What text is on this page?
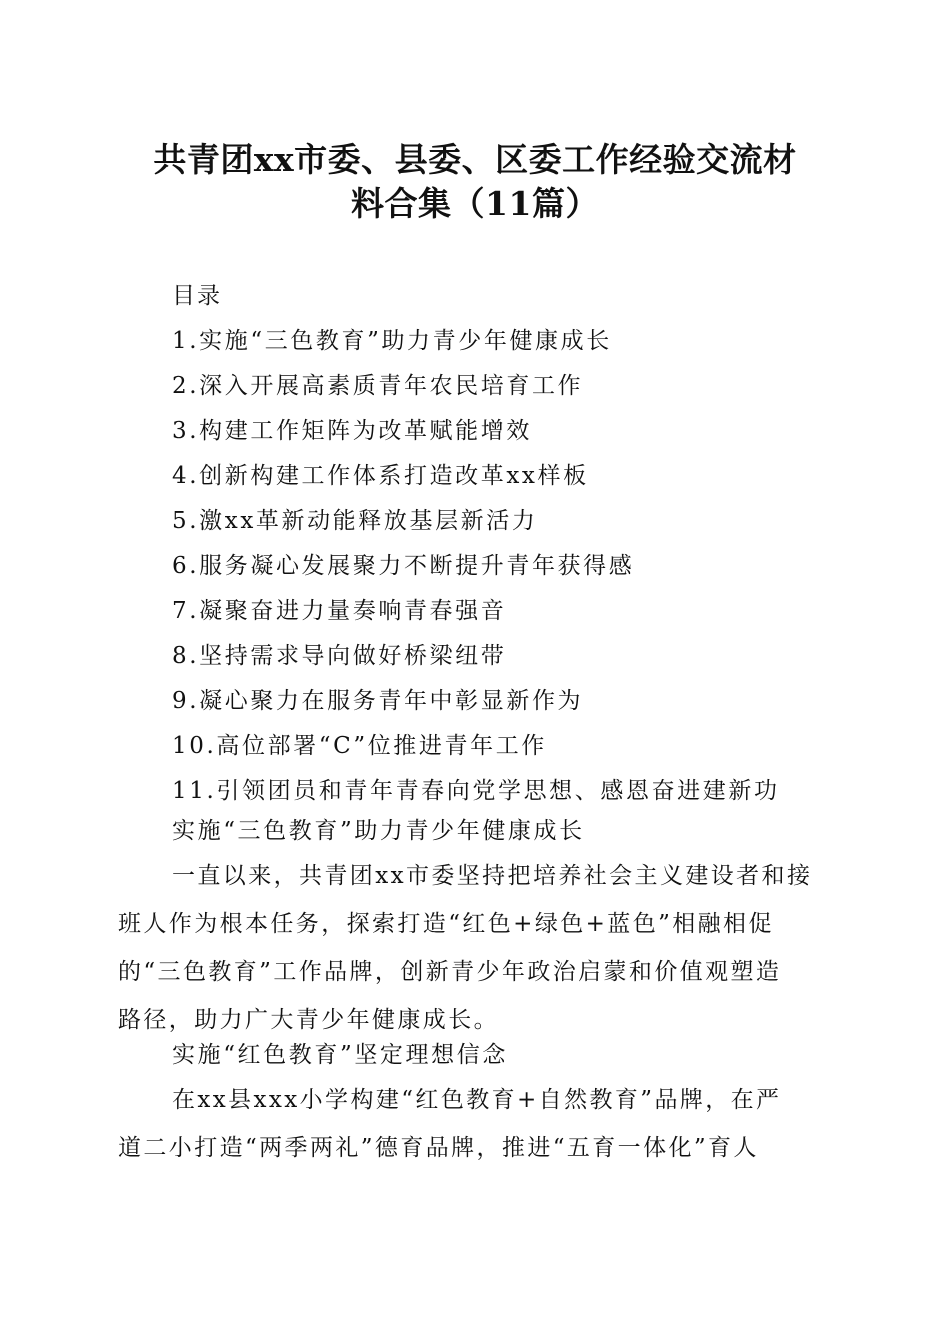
共青团xx市委、县委、区委工作经验交流材
料合集（11篇）
目录
1.实施“三色教育”助力青少年健康成长
2.深入开展高素质青年农民培育工作
3.构建工作矩阵为改革赋能增效
4.创新构建工作体系打造改革xx样板
5.激xx革新动能释放基层新活力
6.服务凝心发展聚力不断提升青年获得感
7.凝聚奋进力量奏响青春强音
8.坚持需求导向做好桥梁纽带
9.凝心聚力在服务青年中彰显新作为
10.高位部署“C”位推进青年工作
11.引领团员和青年青春向党学思想、感恩奋进建新功
实施“三色教育”助力青少年健康成长

一直以来，共青团xx市委坚持把培养社会主义建设者和接
班人作为根本任务，探索打造“红色+绿色+蓝色”相融相促
的“三色教育”工作品牌，创新青少年政治启蒙和价值观塑造
路径，助力广大青少年健康成长。

实施“红色教育”坚定理想信念

在xx县xxx小学构建“红色教育+自然教育”品牌，在严
道二小打造“两季两礼”德育品牌，推进“五育一体化”育人
